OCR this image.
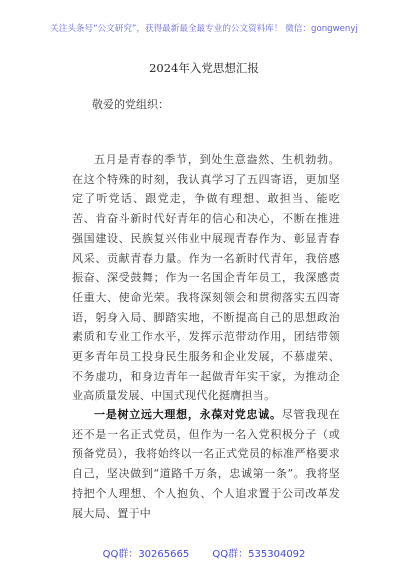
关注头条号“公文研究”，获得最新最全最专业的公文资料库！ 微信：gongwenyj
2024年入党思想汇报
敬爱的党组织：
五月是青春的季节，到处生意盎然、生机勃勃。在这个特殊的时刻，我认真学习了五四寄语，更加坚定了听党话、跟党走，争做有理想、敢担当、能吃苦、肯奋斗新时代好青年的信心和决心，不断在推进强国建设、民族复兴伟业中展现青春作为、彰显青春风采、贡献青春力量。作为一名新时代青年，我倍感振奋、深受鼓舞；作为一名国企青年员工，我深感责任重大、使命光荣。我将深刻领会和贯彻落实五四寄语，躬身入局、脚踏实地，不断提高自己的思想政治素质和专业工作水平，发挥示范带动作用，团结带领更多青年员工投身民生服务和企业发展，不慕虚荣、不务虚功，和身边青年一起做青年实干家，为推动企业高质量发展、中国式现代化挺膺担当。
一是树立远大理想，永葆对党忠诚。尽管我现在还不是一名正式党员，但作为一名入党积极分子（或预备党员），我将始终以一名正式党员的标准严格要求自己，坚决做到“道路千万条，忠诚第一条”。我将坚持把个人理想、个人抱负、个人追求置于公司改革发展大局、置于中
QQ群：30265665 QQ群：535304092
